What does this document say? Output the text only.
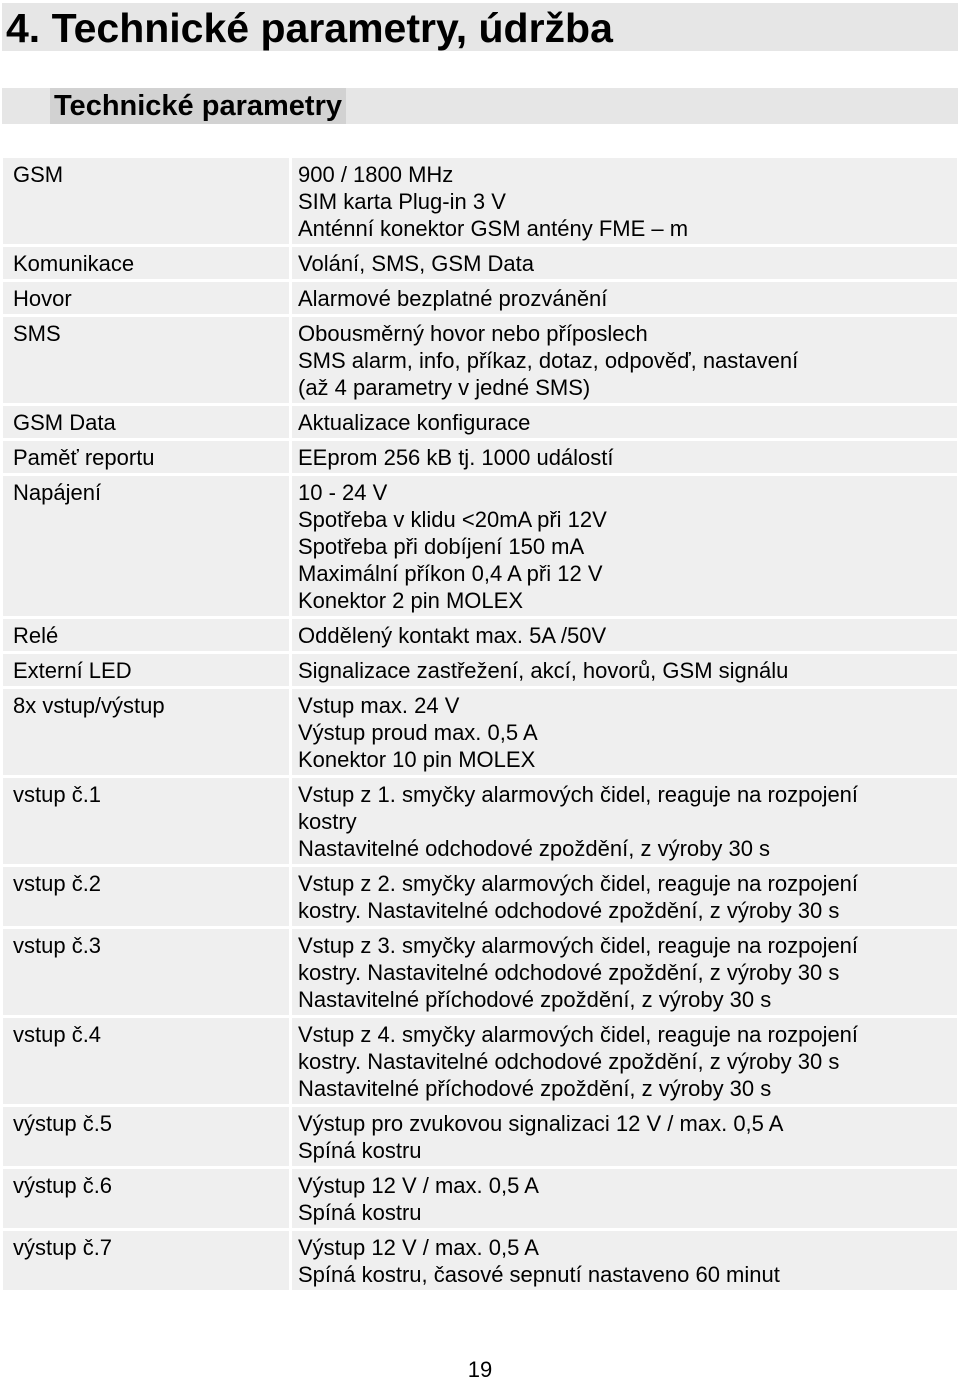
4. Technické parametry, údržba
Technické parametry
GSM	900 / 1800 MHz
SIM karta Plug-in 3 V
Anténní konektor GSM antény FME – m

Komunikace	Volání, SMS, GSM Data

Hovor	Alarmové bezplatné prozvánění

SMS	Obousměrný hovor nebo příposlech
SMS alarm, info, příkaz, dotaz, odpověď, nastavení
(až 4 parametry v jedné SMS)

GSM Data	Aktualizace konfigurace

Paměť reportu	EEprom 256 kB tj. 1000 událostí

Napájení	10 - 24 V
Spotřeba v klidu <20mA při 12V
Spotřeba při dobíjení 150 mA
Maximální příkon 0,4 A při 12 V
Konektor 2 pin MOLEX

Relé	Oddělený kontakt max. 5A /50V

Externí LED	Signalizace zastřežení, akcí, hovorů, GSM signálu

8x vstup/výstup	Vstup max. 24 V
Výstup proud max. 0,5 A
Konektor 10 pin MOLEX

vstup č.1	Vstup z 1. smyčky alarmových čidel, reaguje na rozpojení
kostry
Nastavitelné odchodové zpoždění, z výroby 30 s

vstup č.2	Vstup z 2. smyčky alarmových čidel, reaguje na rozpojení
kostry. Nastavitelné odchodové zpoždění, z výroby 30 s

vstup č.3	Vstup z 3. smyčky alarmových čidel, reaguje na rozpojení
kostry. Nastavitelné odchodové zpoždění, z výroby 30 s
Nastavitelné příchodové zpoždění, z výroby 30 s

vstup č.4	Vstup z 4. smyčky alarmových čidel, reaguje na rozpojení
kostry. Nastavitelné odchodové zpoždění, z výroby 30 s
Nastavitelné příchodové zpoždění, z výroby 30 s

výstup č.5	Výstup pro zvukovou signalizaci 12 V / max. 0,5 A
Spíná kostru

výstup č.6	Výstup 12 V / max. 0,5 A
Spíná kostru

výstup č.7	Výstup 12 V / max. 0,5 A
Spíná kostru, časové sepnutí nastaveno 60 minut
19
